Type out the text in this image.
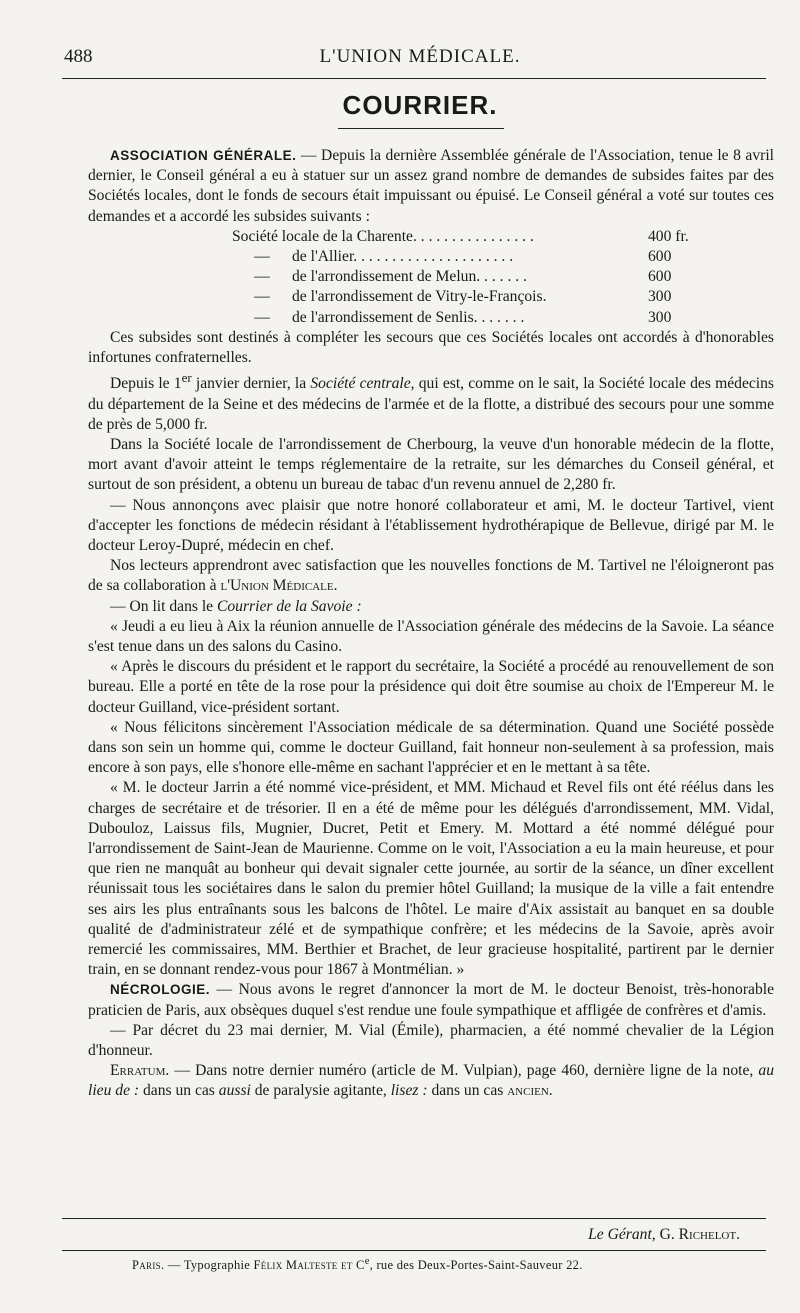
488	L'UNION MÉDICALE.
COURRIER.

ASSOCIATION GÉNÉRALE. — Depuis la dernière Assemblée générale de l'Association, tenue le 8 avril dernier, le Conseil général a eu à statuer sur un assez grand nombre de demandes de subsides faites par des Sociétés locales, dont le fonds de secours était impuissant ou épuisé. Le Conseil général a voté sur toutes ces demandes et a accordé les subsides suivants :

Société locale de la Charente. . . . . . . . . . . . . . . .	400 fr.
— de l'Allier. . . . . . . . . . . . . . . . . . . . .	600
— de l'arrondissement de Melun. . . . . . .	600
— de l'arrondissement de Vitry-le-François.	300
— de l'arrondissement de Senlis. . . . . . .	300

Ces subsides sont destinés à compléter les secours que ces Sociétés locales ont accordés à d'honorables infortunes confraternelles.

Depuis le 1er janvier dernier, la Société centrale, qui est, comme on le sait, la Société locale des médecins du département de la Seine et des médecins de l'armée et de la flotte, a distribué des secours pour une somme de près de 5,000 fr.

Dans la Société locale de l'arrondissement de Cherbourg, la veuve d'un honorable médecin de la flotte, mort avant d'avoir atteint le temps réglementaire de la retraite, sur les démarches du Conseil général, et surtout de son président, a obtenu un bureau de tabac d'un revenu annuel de 2,280 fr.

— Nous annonçons avec plaisir que notre honoré collaborateur et ami, M. le docteur Tartivel, vient d'accepter les fonctions de médecin résidant à l'établissement hydrothérapique de Bellevue, dirigé par M. le docteur Leroy-Dupré, médecin en chef.

Nos lecteurs apprendront avec satisfaction que les nouvelles fonctions de M. Tartivel ne l'éloigneront pas de sa collaboration à l'Union Médicale.

— On lit dans le Courrier de la Savoie :

« Jeudi a eu lieu à Aix la réunion annuelle de l'Association générale des médecins de la Savoie. La séance s'est tenue dans un des salons du Casino.

« Après le discours du président et le rapport du secrétaire, la Société a procédé au renouvellement de son bureau. Elle a porté en tête de la rose pour la présidence qui doit être soumise au choix de l'Empereur M. le docteur Guilland, vice-président sortant.

« Nous félicitons sincèrement l'Association médicale de sa détermination. Quand une Société possède dans son sein un homme qui, comme le docteur Guilland, fait honneur non-seulement à sa profession, mais encore à son pays, elle s'honore elle-même en sachant l'apprécier et en le mettant à sa tête.

« M. le docteur Jarrin a été nommé vice-président, et MM. Michaud et Revel fils ont été réélus dans les charges de secrétaire et de trésorier. Il en a été de même pour les délégués d'arrondissement, MM. Vidal, Dubouloz, Laissus fils, Mugnier, Ducret, Petit et Emery. M. Mottard a été nommé délégué pour l'arrondissement de Saint-Jean de Maurienne. Comme on le voit, l'Association a eu la main heureuse, et pour que rien ne manquât au bonheur qui devait signaler cette journée, au sortir de la séance, un dîner excellent réunissait tous les sociétaires dans le salon du premier hôtel Guilland; la musique de la ville a fait entendre ses airs les plus entraînants sous les balcons de l'hôtel. Le maire d'Aix assistait au banquet en sa double qualité de d'administrateur zélé et de sympathique confrère; et les médecins de la Savoie, après avoir remercié les commissaires, MM. Berthier et Brachet, de leur gracieuse hospitalité, partirent par le dernier train, en se donnant rendez-vous pour 1867 à Montmélian. »

NÉCROLOGIE. — Nous avons le regret d'annoncer la mort de M. le docteur Benoist, très-honorable praticien de Paris, aux obsèques duquel s'est rendue une foule sympathique et affligée de confrères et d'amis.

— Par décret du 23 mai dernier, M. Vial (Émile), pharmacien, a été nommé chevalier de la Légion d'honneur.

Erratum. — Dans notre dernier numéro (article de M. Vulpian), page 460, dernière ligne de la note, au lieu de : dans un cas aussi de paralysie agitante, lisez : dans un cas ancien.

Le Gérant, G. Richelot.
Paris. — Typographie Félix Malteste et Ce, rue des Deux-Portes-Saint-Sauveur 22.
